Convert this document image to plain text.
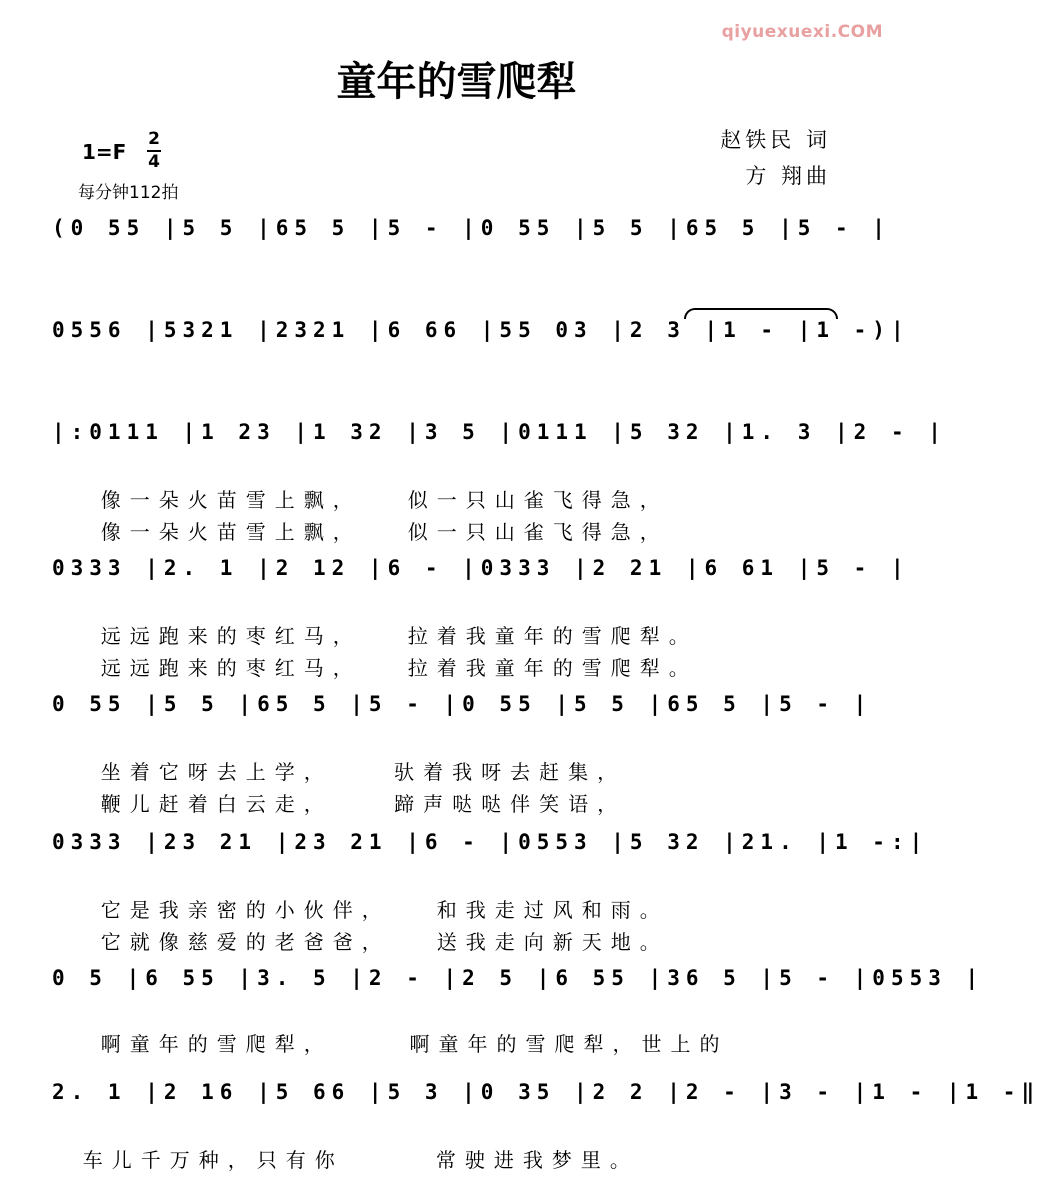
qiyuexuexi.COM
童年的雪爬犁
1=F
2
4
每分钟112拍
赵铁民 词
方 翔曲
(0 55 |5 5 |65 5 |5 - |0 55 |5 5 |65 5 |5 - |
0556 |5321 |2321 |6 66 |55 03 |2 3 |1 - |1 -)|
|:0111 |1 23 |1 32 |3 5 |0111 |5 32 |1. 3 |2 - |

像一朵火苗雪上飘， 似一只山雀飞得急，

像一朵火苗雪上飘， 似一只山雀飞得急，

0333 |2. 1 |2 12 |6 - |0333 |2 21 |6 61 |5 - |

远远跑来的枣红马， 拉着我童年的雪爬犁。

远远跑来的枣红马， 拉着我童年的雪爬犁。

0 55 |5 5 |65 5 |5 - |0 55 |5 5 |65 5 |5 - |

坐着它呀去上学，	驮着我呀去赶集，

鞭儿赶着白云走，	蹄声哒哒伴笑语，

0333 |23 21 |23 21 |6 - |0553 |5 32 |21. |1 -:|

它是我亲密的小伙伴， 和我走过风和雨。

它就像慈爱的老爸爸， 送我走向新天地。

0 5 |6 55 |3. 5 |2 - |2 5 |6 55 |36 5 |5 - |0553 |

啊童年的雪爬犁，	啊童年的雪爬犁，世上的

2. 1 |2 16 |5 66 |5 3 |0 35 |2 2 |2 - |3 - |1 - |1 -‖

车儿千万种，只有你	常驶进我梦里。
